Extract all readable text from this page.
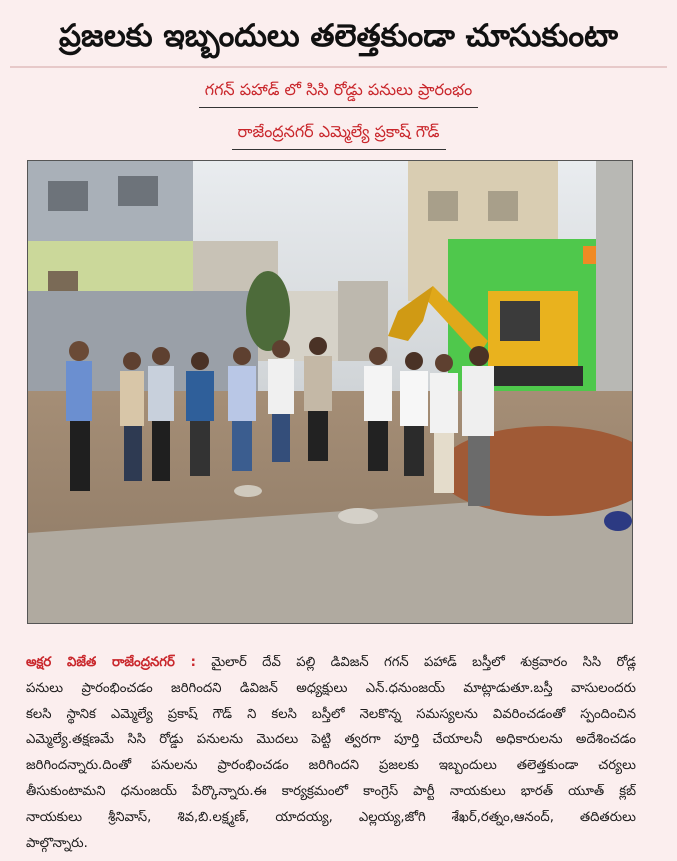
ప్రజలకు ఇబ్బందులు తలెత్తకుండా చూసుకుంటా
గగన్ పహాడ్ లో సిసి రోడ్డు పనులు ప్రారంభం
రాజేంద్రనగర్ ఎమ్మెల్యే ప్రకాష్ గౌడ్
అక్షర విజేత రాజేంద్రనగర్ : మైలార్ దేవ్ పల్లి డివిజన్ గగన్ పహాడ్ బస్తీలో శుక్రవారం సిసి రోడ్ల
పనులు ప్రారంభించడం జరిగిందని డివిజన్ అధ్యక్షులు ఎన్.ధనుంజయ్ మాట్లాడుతూ.బస్తీ వాసులందరు
కలసి స్థానిక ఎమ్మెల్యే ప్రకాష్ గౌడ్ ని కలసి బస్తీలో నెలకొన్న సమస్యలను వివరించడంతో స్పందించిన
ఎమ్మెల్యే.తక్షణమే సిసి రోడ్డు పనులను మొదలు పెట్టి త్వరగా పూర్తి చేయాలనీ అధికారులను అదేశించడం
జరిగిందన్నారు.దింతో పనులను ప్రారంభించడం జరిగిందని ప్రజలకు ఇబ్బందులు తలెత్తకుండా చర్యలు
తీసుకుంటామని ధనుంజయ్ పేర్కొన్నారు.ఈ కార్యక్రమంలో కాంగ్రెస్ పార్టీ నాయకులు భారత్ యూత్ క్లబ్
నాయకులు శ్రీనివాస్, శివ,బి.లక్ష్మణ్, యాదయ్య, ఎల్లయ్య,జోగి శేఖర్,రత్నం,ఆనంద్, తదితరులు
పాల్గొన్నారు.
